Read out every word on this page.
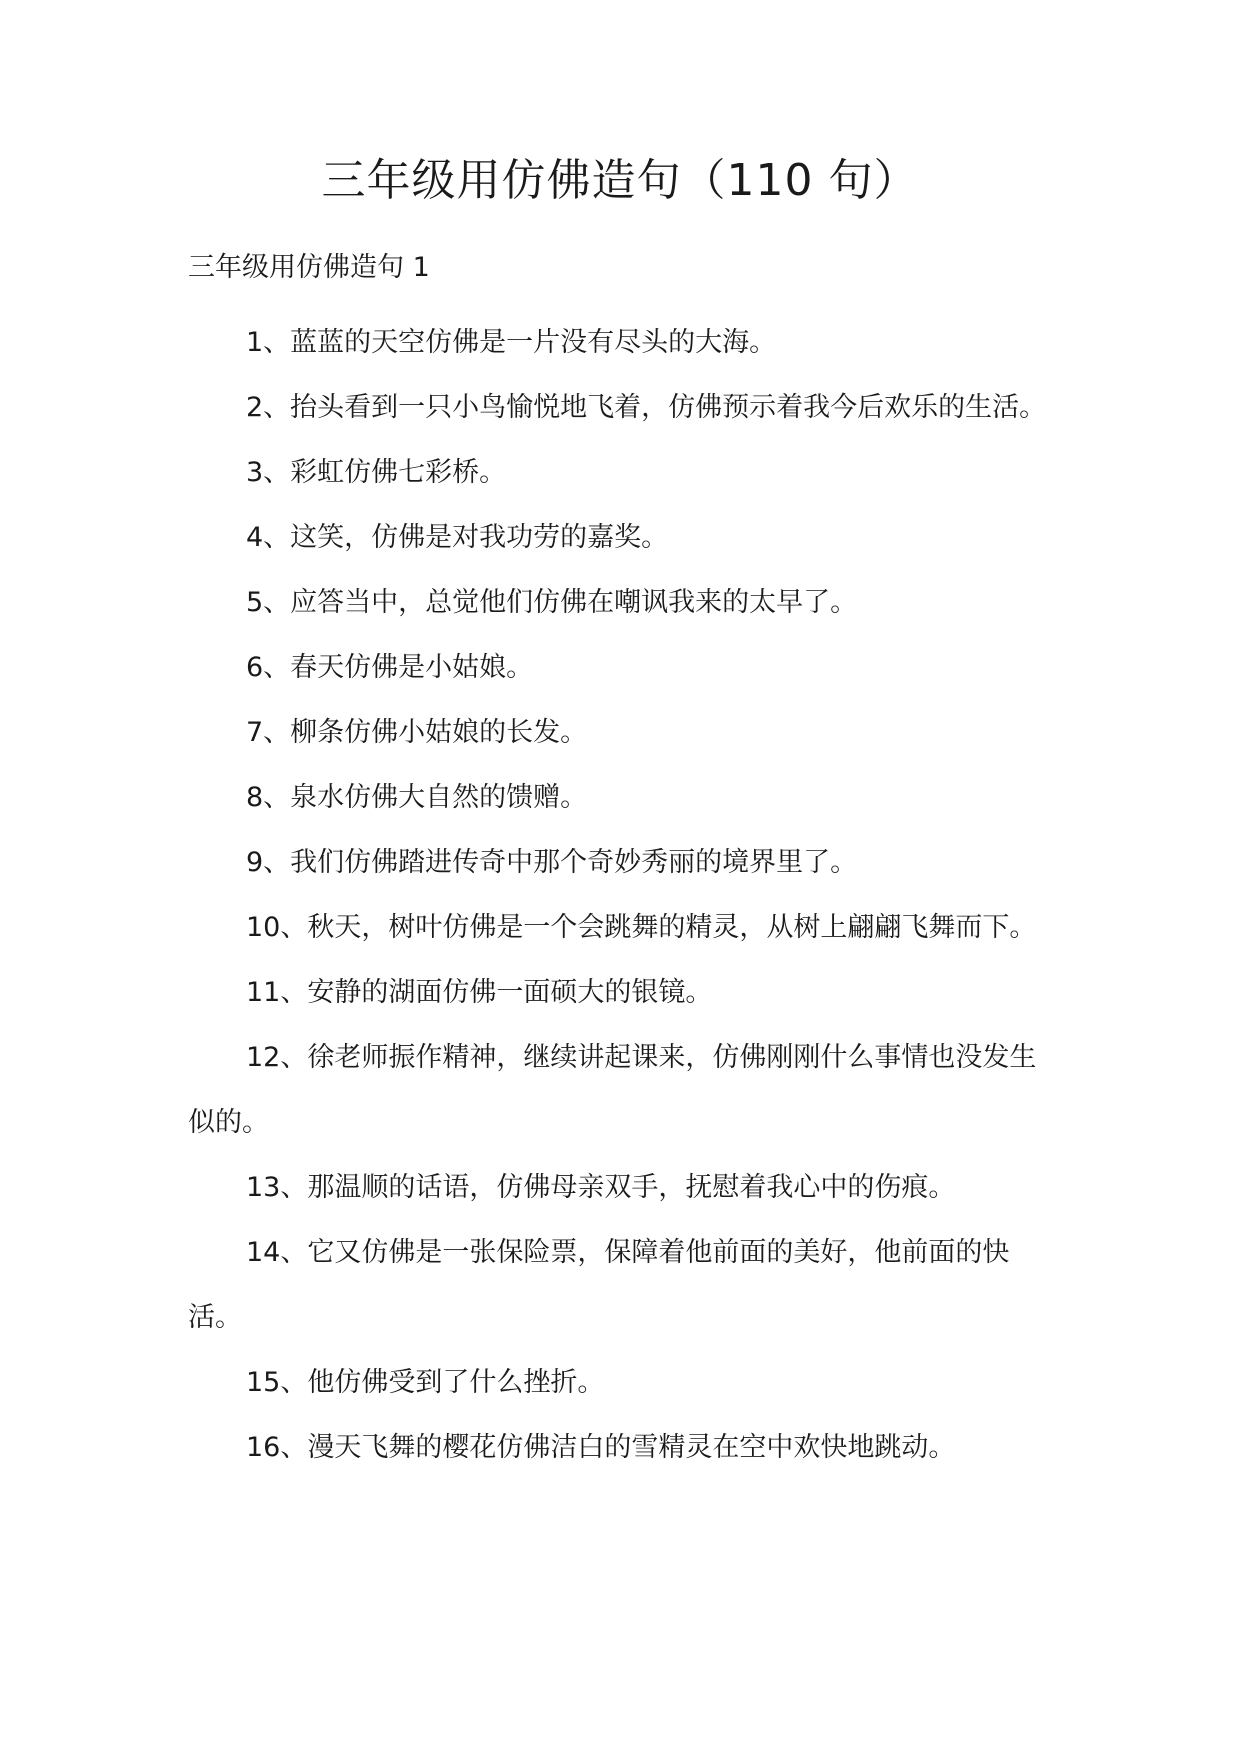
三年级用仿佛造句（110 句）
三年级用仿佛造句 1
1、蓝蓝的天空仿佛是一片没有尽头的大海。
2、抬头看到一只小鸟愉悦地飞着，仿佛预示着我今后欢乐的生活。
3、彩虹仿佛七彩桥。
4、这笑，仿佛是对我功劳的嘉奖。
5、应答当中，总觉他们仿佛在嘲讽我来的太早了。
6、春天仿佛是小姑娘。
7、柳条仿佛小姑娘的长发。
8、泉水仿佛大自然的馈赠。
9、我们仿佛踏进传奇中那个奇妙秀丽的境界里了。
10、秋天，树叶仿佛是一个会跳舞的精灵，从树上翩翩飞舞而下。
11、安静的湖面仿佛一面硕大的银镜。
12、徐老师振作精神，继续讲起课来，仿佛刚刚什么事情也没发生似的。
13、那温顺的话语，仿佛母亲双手，抚慰着我心中的伤痕。
14、它又仿佛是一张保险票，保障着他前面的美好，他前面的快活。
15、他仿佛受到了什么挫折。
16、漫天飞舞的樱花仿佛洁白的雪精灵在空中欢快地跳动。
